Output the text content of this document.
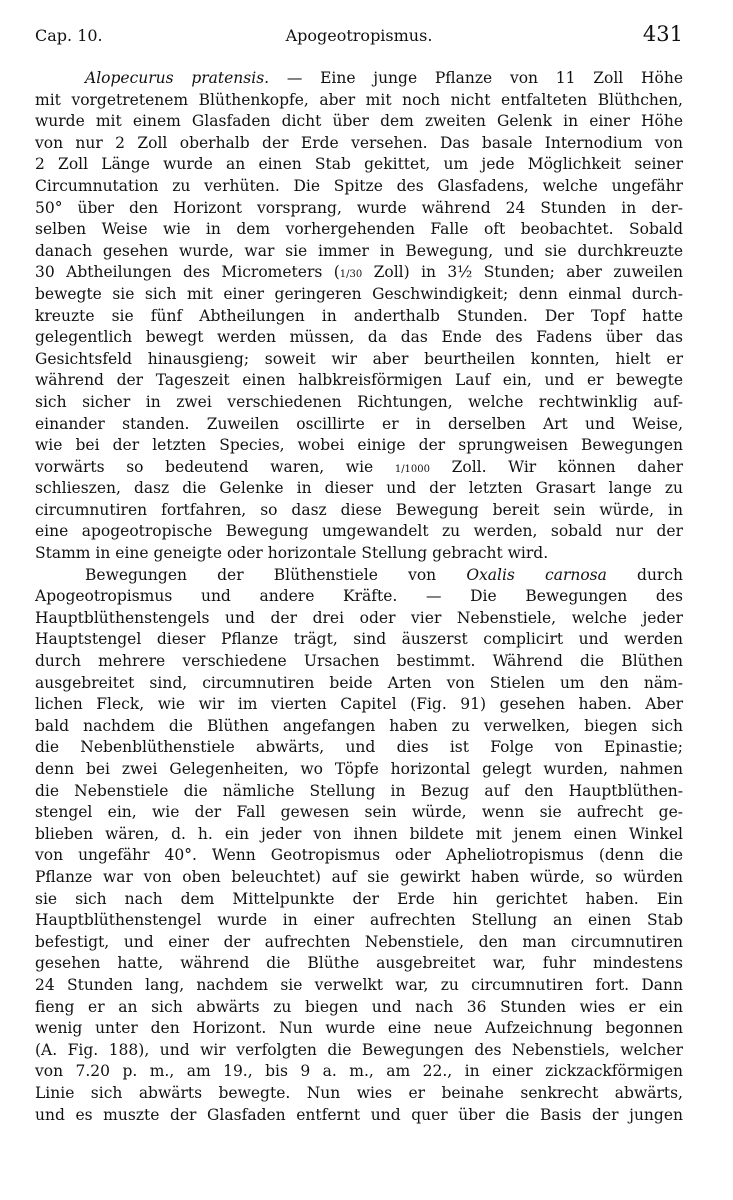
Cap. 10.	Apogeotropismus.	431
Alopecurus pratensis. — Eine junge Pflanze von 11 Zoll Höhe
mit vorgetretenem Blüthenkopfe, aber mit noch nicht entfalteten Blüthchen,
wurde mit einem Glasfaden dicht über dem zweiten Gelenk in einer Höhe
von nur 2 Zoll oberhalb der Erde versehen. Das basale Internodium von
2 Zoll Länge wurde an einen Stab gekittet, um jede Möglichkeit seiner
Circumnutation zu verhüten. Die Spitze des Glasfadens, welche ungefähr
50° über den Horizont vorsprang, wurde während 24 Stunden in der-
selben Weise wie in dem vorhergehenden Falle oft beobachtet. Sobald
danach gesehen wurde, war sie immer in Bewegung, und sie durchkreuzte
30 Abtheilungen des Micrometers (1/30 Zoll) in 3½ Stunden; aber zuweilen
bewegte sie sich mit einer geringeren Geschwindigkeit; denn einmal durch-
kreuzte sie fünf Abtheilungen in anderthalb Stunden. Der Topf hatte
gelegentlich bewegt werden müssen, da das Ende des Fadens über das
Gesichtsfeld hinausgieng; soweit wir aber beurtheilen konnten, hielt er
während der Tageszeit einen halbkreisförmigen Lauf ein, und er bewegte
sich sicher in zwei verschiedenen Richtungen, welche rechtwinklig auf-
einander standen. Zuweilen oscillirte er in derselben Art und Weise,
wie bei der letzten Species, wobei einige der sprungweisen Bewegungen
vorwärts so bedeutend waren, wie 1/1000 Zoll. Wir können daher
schlieszen, dasz die Gelenke in dieser und der letzten Grasart lange zu
circumnutiren fortfahren, so dasz diese Bewegung bereit sein würde, in
eine apogeotropische Bewegung umgewandelt zu werden, sobald nur der
Stamm in eine geneigte oder horizontale Stellung gebracht wird.
Bewegungen der Blüthenstiele von Oxalis carnosa durch
Apogeotropismus und andere Kräfte. — Die Bewegungen des
Hauptblüthenstengels und der drei oder vier Nebenstiele, welche jeder
Hauptstengel dieser Pflanze trägt, sind äuszerst complicirt und werden
durch mehrere verschiedene Ursachen bestimmt. Während die Blüthen
ausgebreitet sind, circumnutiren beide Arten von Stielen um den näm-
lichen Fleck, wie wir im vierten Capitel (Fig. 91) gesehen haben. Aber
bald nachdem die Blüthen angefangen haben zu verwelken, biegen sich
die Nebenblüthenstiele abwärts, und dies ist Folge von Epinastie;
denn bei zwei Gelegenheiten, wo Töpfe horizontal gelegt wurden, nahmen
die Nebenstiele die nämliche Stellung in Bezug auf den Hauptblüthen-
stengel ein, wie der Fall gewesen sein würde, wenn sie aufrecht ge-
blieben wären, d. h. ein jeder von ihnen bildete mit jenem einen Winkel
von ungefähr 40°. Wenn Geotropismus oder Apheliotropismus (denn die
Pflanze war von oben beleuchtet) auf sie gewirkt haben würde, so würden
sie sich nach dem Mittelpunkte der Erde hin gerichtet haben. Ein
Hauptblüthenstengel wurde in einer aufrechten Stellung an einen Stab
befestigt, und einer der aufrechten Nebenstiele, den man circumnutiren
gesehen hatte, während die Blüthe ausgebreitet war, fuhr mindestens
24 Stunden lang, nachdem sie verwelkt war, zu circumnutiren fort. Dann
fieng er an sich abwärts zu biegen und nach 36 Stunden wies er ein
wenig unter den Horizont. Nun wurde eine neue Aufzeichnung begonnen
(A. Fig. 188), und wir verfolgten die Bewegungen des Nebenstiels, welcher
von 7.20 p. m., am 19., bis 9 a. m., am 22., in einer zickzackförmigen
Linie sich abwärts bewegte. Nun wies er beinahe senkrecht abwärts,
und es muszte der Glasfaden entfernt und quer über die Basis der jungen
